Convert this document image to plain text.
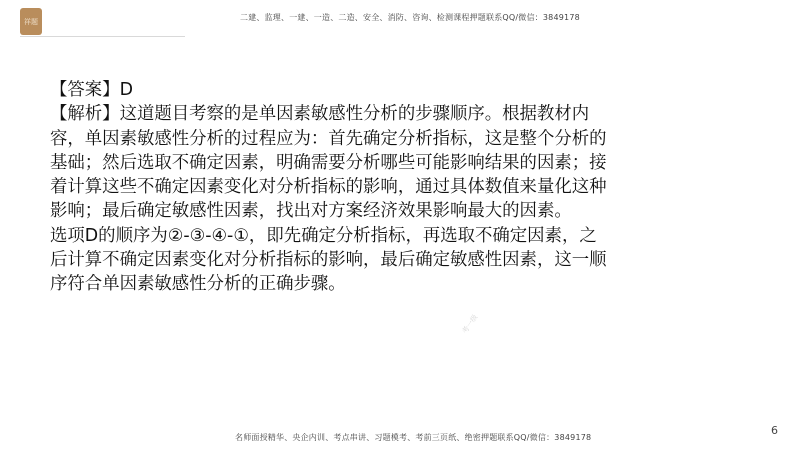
祥题	二建、监理、一建、一造、二造、安全、消防、咨询、检测课程押题联系QQ/微信：3849178

【答案】D

【解析】这道题目考察的是单因素敏感性分析的步骤顺序。根据教材内容，单因素敏感性分析的过程应为：首先确定分析指标，这是整个分析的基础；然后选取不确定因素，明确需要分析哪些可能影响结果的因素；接着计算这些不确定因素变化对分析指标的影响，通过具体数值来量化这种影响；最后确定敏感性因素，找出对方案经济效果影响最大的因素。

选项D的顺序为②-③-④-①，即先确定分析指标，再选取不确定因素，之后计算不确定因素变化对分析指标的影响，最后确定敏感性因素，这一顺序符合单因素敏感性分析的正确步骤。

考一级
6
名师面授精华、央企内训、考点串讲、习题模考、考前三页纸、绝密押题联系QQ/微信：3849178
